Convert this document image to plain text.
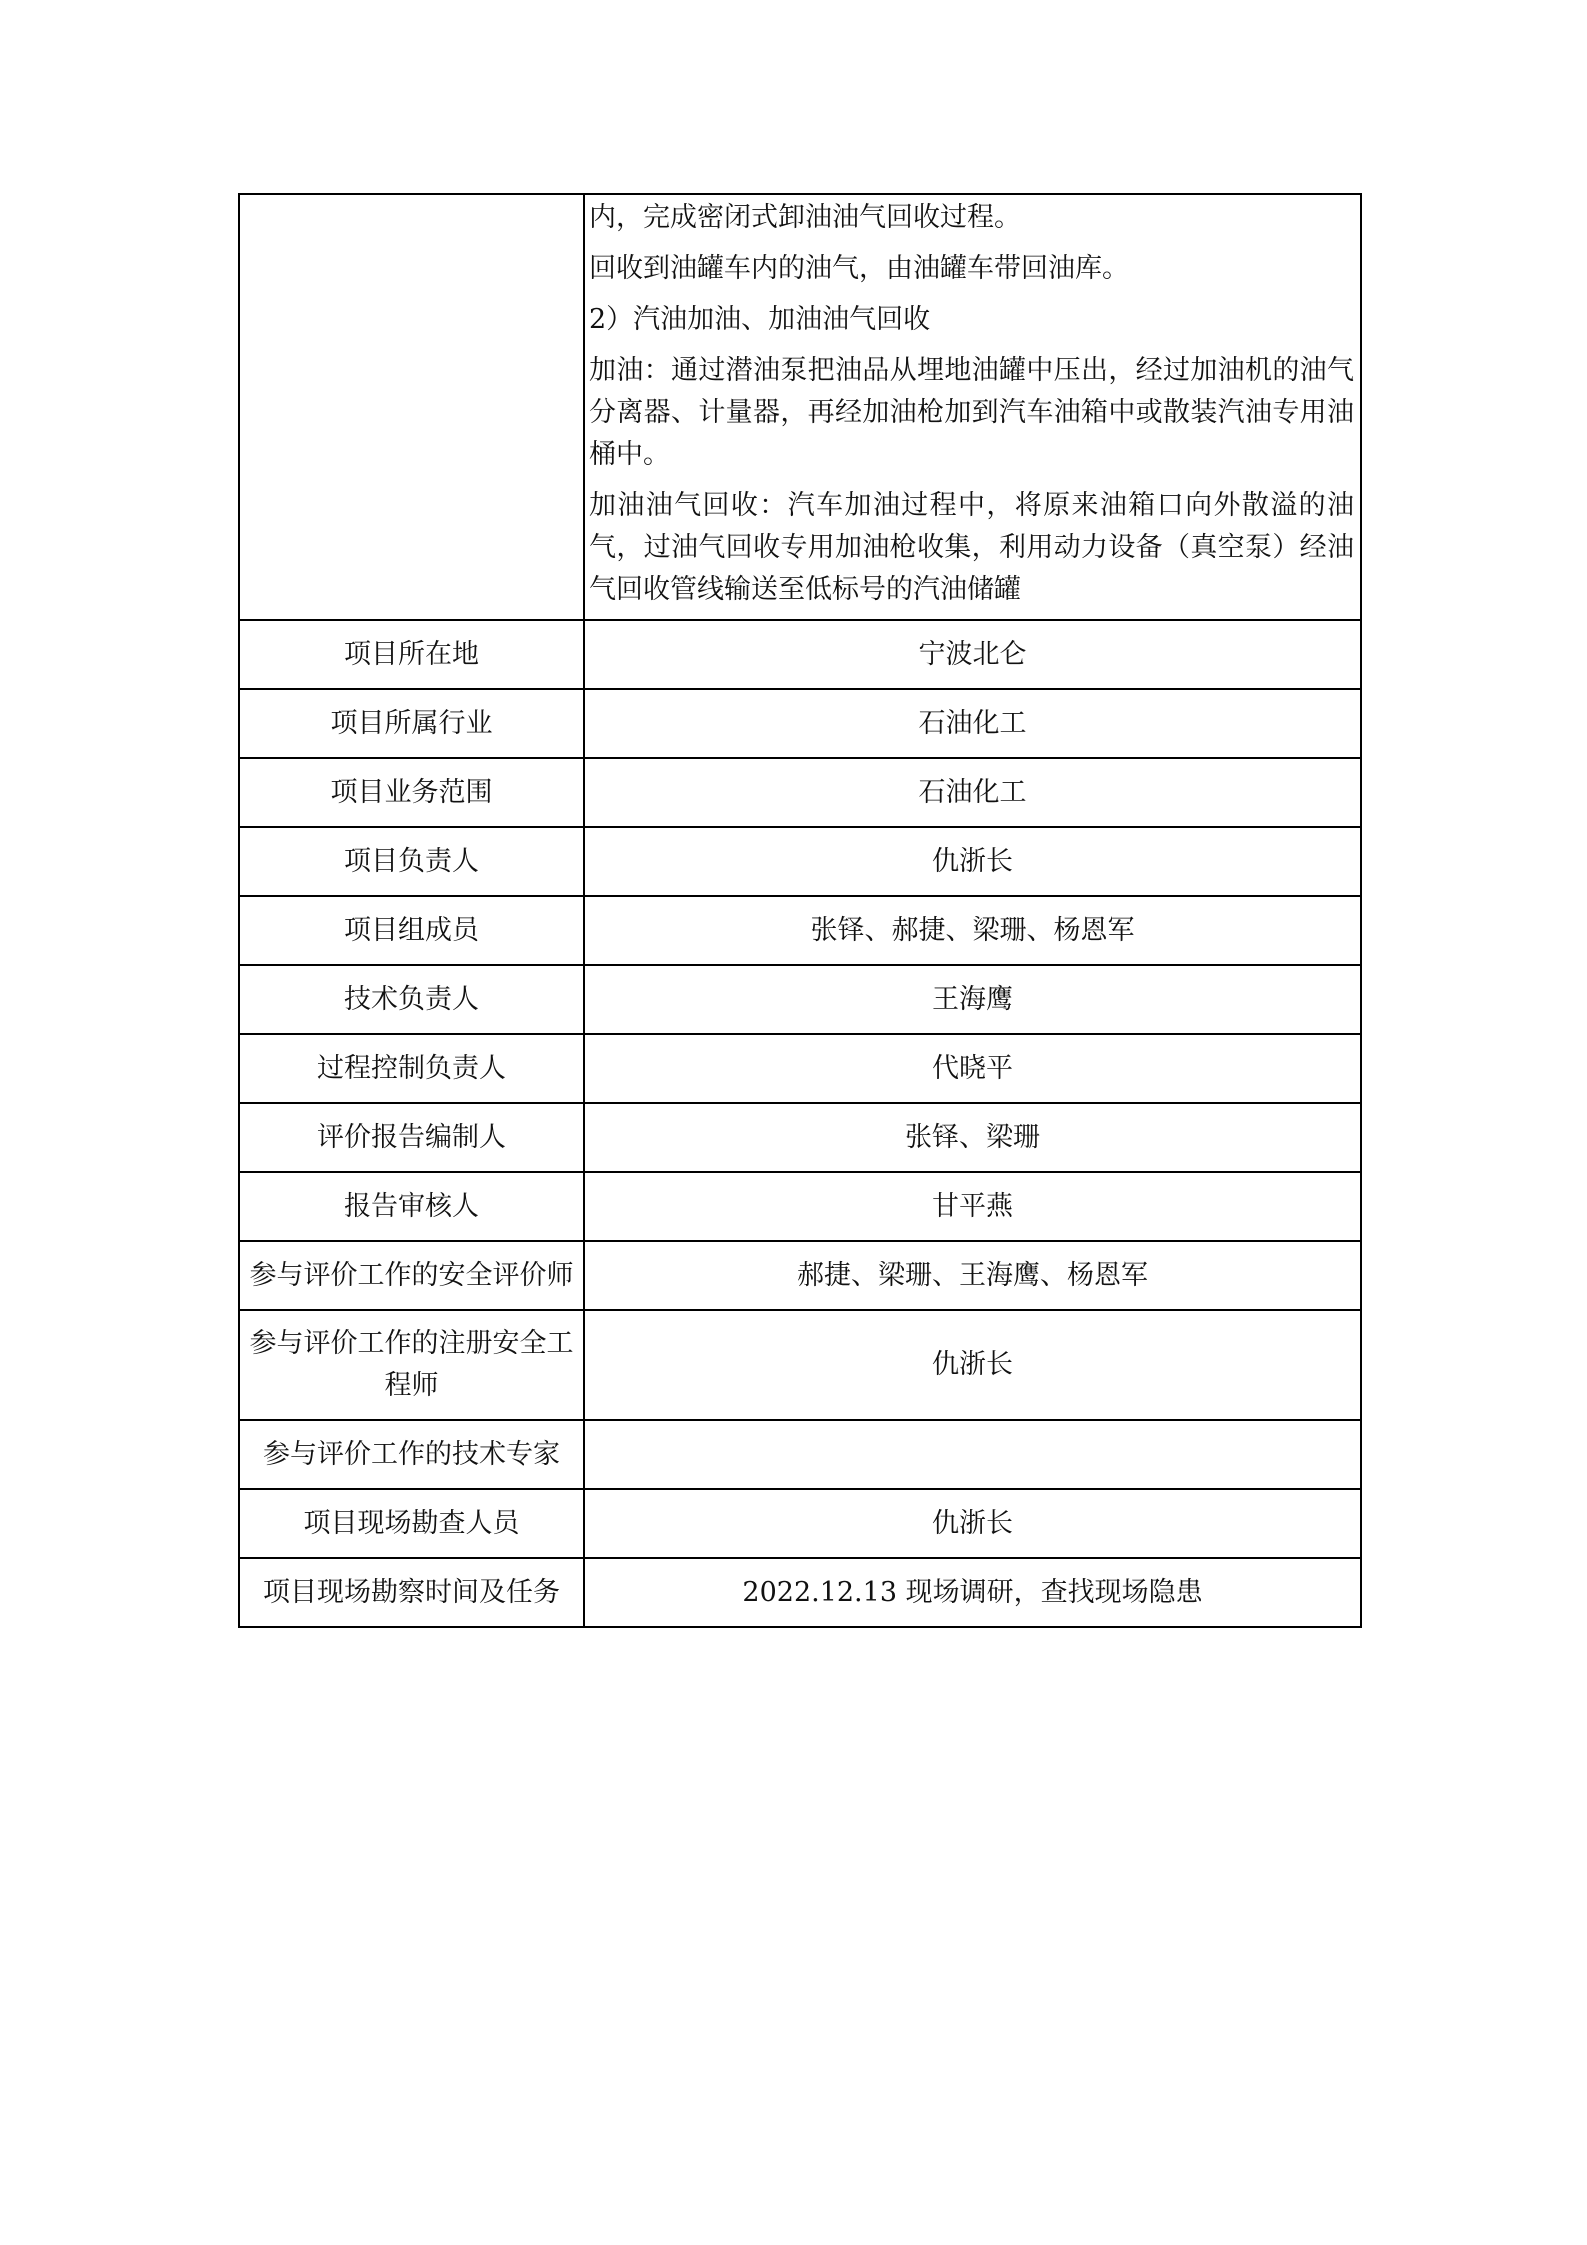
	内，完成密闭式卸油油气回收过程。

回收到油罐车内的油气，由油罐车带回油库。

2）汽油加油、加油油气回收

加油：通过潜油泵把油品从埋地油罐中压出，经过加油机的油气分离器、计量器，再经加油枪加到汽车油箱中或散装汽油专用油桶中。

加油油气回收：汽车加油过程中，将原来油箱口向外散溢的油气，过油气回收专用加油枪收集，利用动力设备（真空泵）经油气回收管线输送至低标号的汽油储罐

项目所在地	宁波北仑
项目所属行业	石油化工
项目业务范围	石油化工
项目负责人	仇浙长
项目组成员	张铎、郝捷、梁珊、杨恩军
技术负责人	王海鹰
过程控制负责人	代晓平
评价报告编制人	张铎、梁珊
报告审核人	甘平燕
参与评价工作的安全评价师	郝捷、梁珊、王海鹰、杨恩军
参与评价工作的注册安全工程师	仇浙长
参与评价工作的技术专家	
项目现场勘查人员	仇浙长
项目现场勘察时间及任务	2022.12.13 现场调研，查找现场隐患
